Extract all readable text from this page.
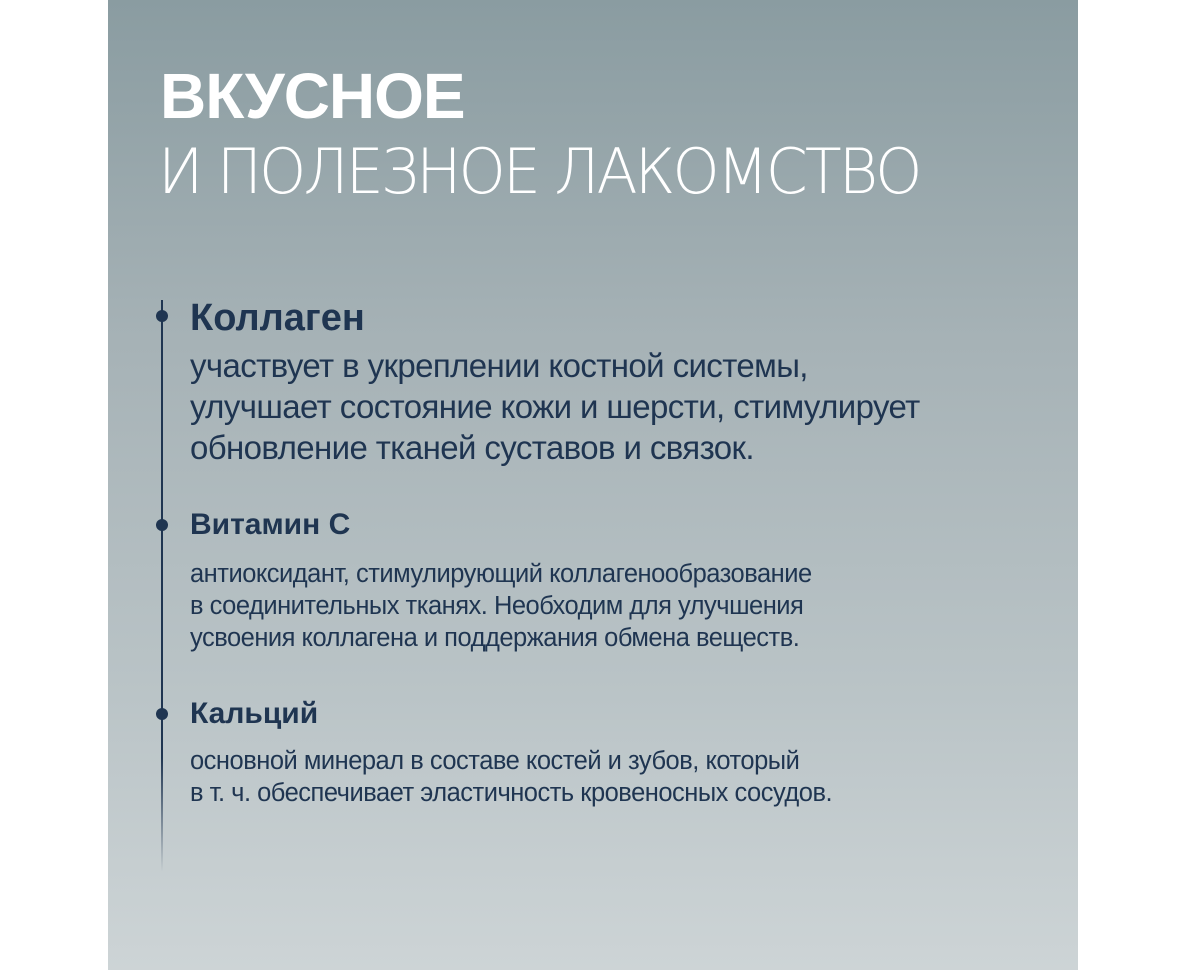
ВКУСНОЕ
И ПОЛЕЗНОЕ ЛАКОМСТВО
Коллаген

участвует в укреплении костной системы,
улучшает состояние кожи и шерсти, стимулирует
обновление тканей суставов и связок.

Витамин С

антиоксидант, стимулирующий коллагенообразование
в соединительных тканях. Необходим для улучшения
усвоения коллагена и поддержания обмена веществ.

Кальций

основной минерал в составе костей и зубов, который
в т. ч. обеспечивает эластичность кровеносных сосудов.
